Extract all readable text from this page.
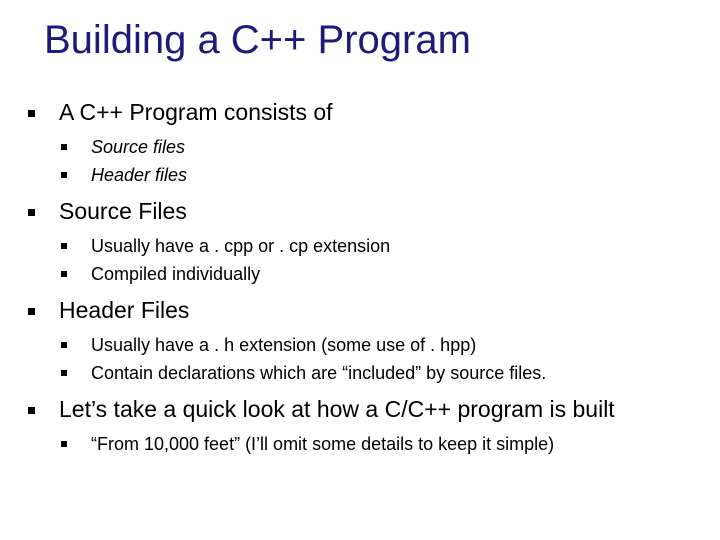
Building a C++ Program
A C++ Program consists of
Source files
Header files
Source Files
Usually have a . cpp or . cp extension
Compiled individually
Header Files
Usually have a . h extension (some use of . hpp)
Contain declarations which are “included” by source files.
Let’s take a quick look at how a C/C++ program is built
“From 10,000 feet” (I’ll omit some details to keep it simple)
